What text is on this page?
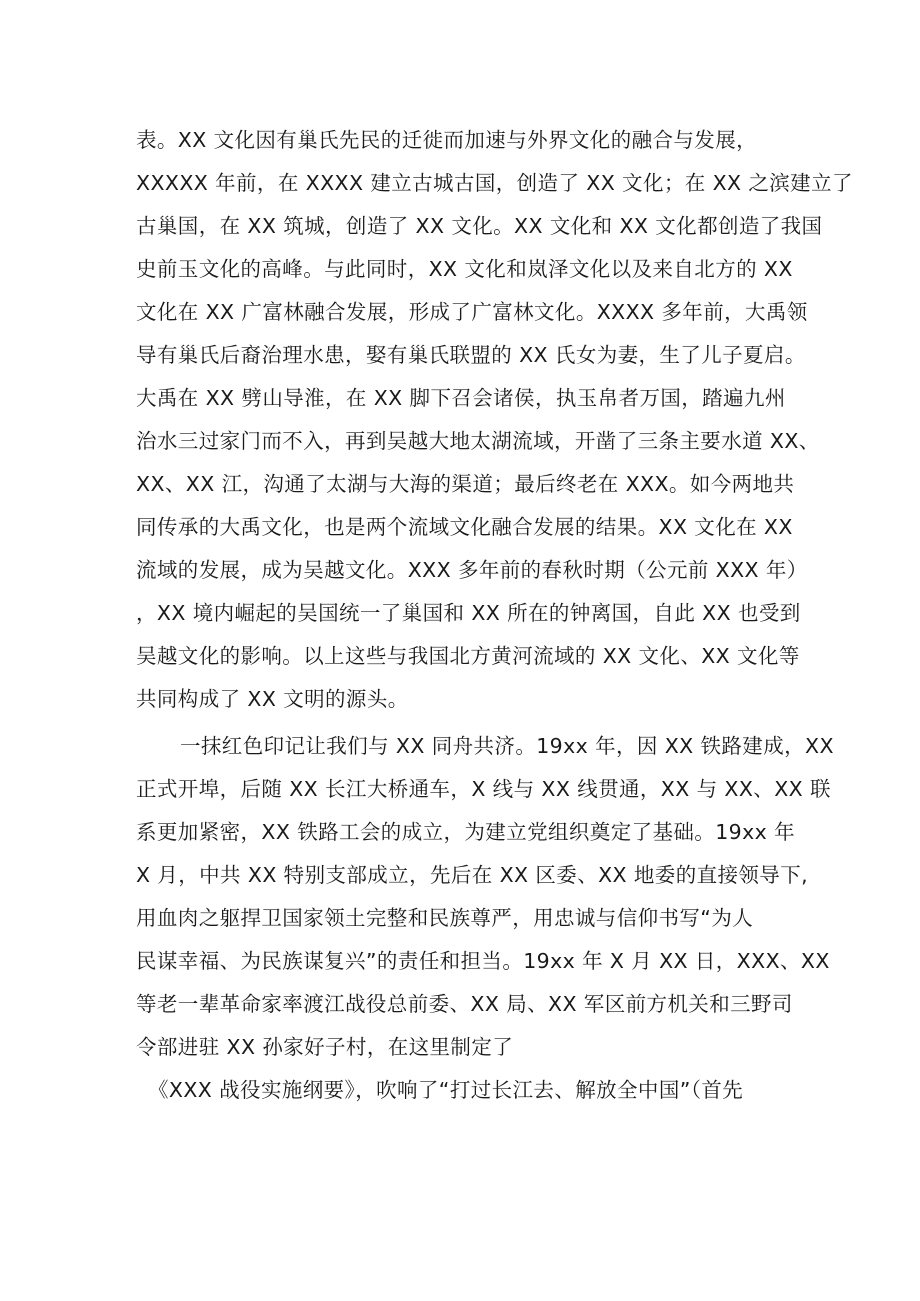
表。XX 文化因有巢氏先民的迁徙而加速与外界文化的融合与发展，
XXXXX 年前，在 XXXX 建立古城古国，创造了 XX 文化；在 XX 之滨建立了
古巢国，在 XX 筑城，创造了 XX 文化。XX 文化和 XX 文化都创造了我国
史前玉文化的高峰。与此同时，XX 文化和岚泽文化以及来自北方的 XX
文化在 XX 广富林融合发展，形成了广富林文化。XXXX 多年前，大禹领
导有巢氏后裔治理水患，娶有巢氏联盟的 XX 氏女为妻，生了儿子夏启。
大禹在 XX 劈山导淮，在 XX 脚下召会诸侯，执玉帛者万国，踏遍九州
治水三过家门而不入，再到吴越大地太湖流域，开凿了三条主要水道 XX、
XX、XX 江，沟通了太湖与大海的渠道；最后终老在 XXX。如今两地共
同传承的大禹文化，也是两个流域文化融合发展的结果。XX 文化在 XX
流域的发展，成为吴越文化。XXX 多年前的春秋时期（公元前 XXX 年）
，XX 境内崛起的吴国统一了巢国和 XX 所在的钟离国，自此 XX 也受到
吴越文化的影响。以上这些与我国北方黄河流域的 XX 文化、XX 文化等
共同构成了 XX 文明的源头。
一抹红色印记让我们与 XX 同舟共济。19xx 年，因 XX 铁路建成，XX
正式开埠，后随 XX 长江大桥通车，X 线与 XX 线贯通，XX 与 XX、XX 联
系更加紧密，XX 铁路工会的成立，为建立党组织奠定了基础。19xx 年
X 月，中共 XX 特别支部成立，先后在 XX 区委、XX 地委的直接领导下,
用血肉之躯捍卫国家领土完整和民族尊严，用忠诚与信仰书写“为人
民谋幸福、为民族谋复兴”的责任和担当。19xx 年 X 月 XX 日，XXX、XX
等老一辈革命家率渡江战役总前委、XX 局、XX 军区前方机关和三野司
令部进驻 XX 孙家好子村，在这里制定了
《XXX 战役实施纲要》，吹响了“打过长江去、解放全中国”（首先
